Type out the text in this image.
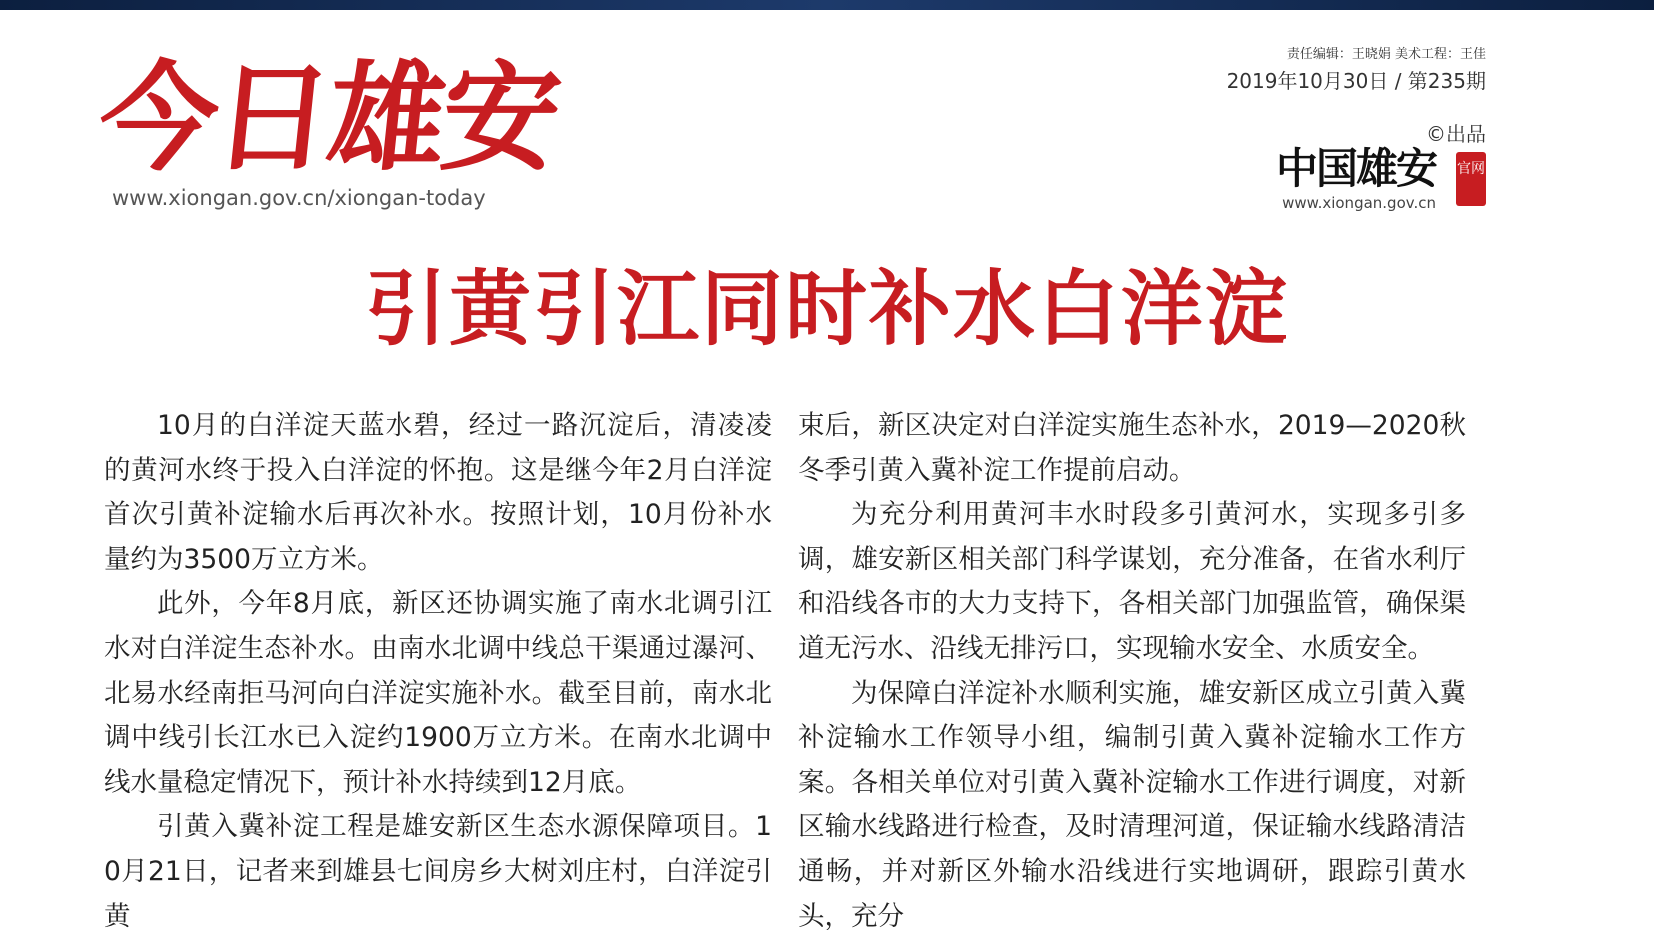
今日雄安
www.xiongan.gov.cn/xiongan-today
责任编辑：王晓娟 美术工程：王佳
2019年10月30日 / 第235期
©出品
中国雄安 官网
www.xiongan.gov.cn
引黄引江同时补水白洋淀

10月的白洋淀天蓝水碧，经过一路沉淀后，清凌凌的黄河水终于投入白洋淀的怀抱。这是继今年2月白洋淀首次引黄补淀输水后再次补水。按照计划，10月份补水量约为3500万立方米。

此外，今年8月底，新区还协调实施了南水北调引江水对白洋淀生态补水。由南水北调中线总干渠通过瀑河、北易水经南拒马河向白洋淀实施补水。截至目前，南水北调中线引长江水已入淀约1900万立方米。在南水北调中线水量稳定情况下，预计补水持续到12月底。

引黄入冀补淀工程是雄安新区生态水源保障项目。10月21日，记者来到雄县七间房乡大树刘庄村，白洋淀引黄

束后，新区决定对白洋淀实施生态补水，2019—2020秋冬季引黄入冀补淀工作提前启动。

为充分利用黄河丰水时段多引黄河水，实现多引多调，雄安新区相关部门科学谋划，充分准备，在省水利厅和沿线各市的大力支持下，各相关部门加强监管，确保渠道无污水、沿线无排污口，实现输水安全、水质安全。

为保障白洋淀补水顺利实施，雄安新区成立引黄入冀补淀输水工作领导小组，编制引黄入冀补淀输水工作方案。各相关单位对引黄入冀补淀输水工作进行调度，对新区输水线路进行检查，及时清理河道，保证输水线路清洁通畅，并对新区外输水沿线进行实地调研，跟踪引黄水头，充分
